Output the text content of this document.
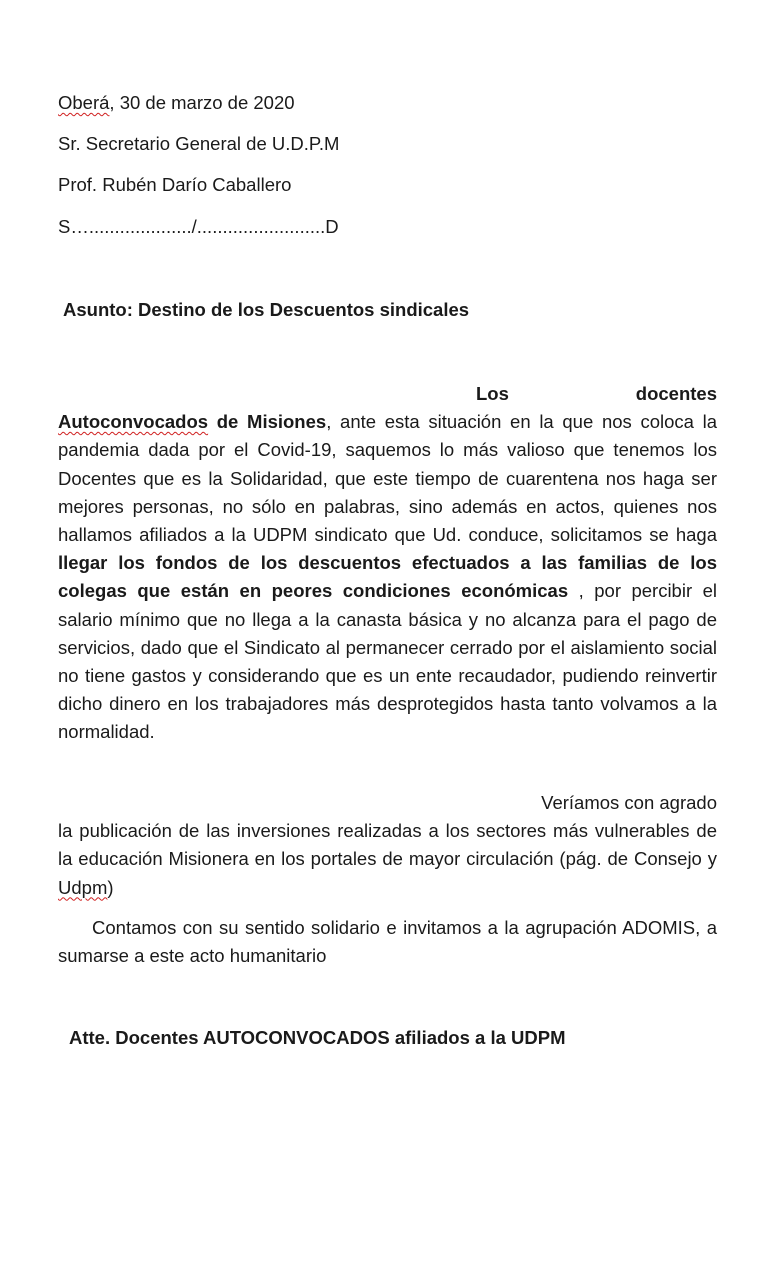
Oberá, 30 de marzo de 2020
Sr. Secretario General de U.D.P.M
Prof. Rubén Darío Caballero
S…..................../.........................D
Asunto: Destino de los Descuentos sindicales
Los	docentes
Autoconvocados de Misiones, ante esta situación en la que nos coloca la pandemia dada por el Covid-19, saquemos lo más valioso que tenemos los Docentes que es la Solidaridad, que este tiempo de cuarentena nos haga ser mejores personas, no sólo en palabras, sino además en actos, quienes nos hallamos afiliados a la UDPM sindicato que Ud. conduce, solicitamos se haga llegar los fondos de los descuentos efectuados a las familias de los colegas que están en peores condiciones económicas , por percibir el salario mínimo que no llega a la canasta básica y no alcanza para el pago de servicios, dado que el Sindicato al permanecer cerrado por el aislamiento social no tiene gastos y considerando que es un ente recaudador, pudiendo reinvertir dicho dinero en los trabajadores más desprotegidos hasta tanto volvamos a la normalidad.
Veríamos con agrado
la publicación de las inversiones realizadas a los sectores más vulnerables de la educación Misionera en los portales de mayor circulación (pág. de Consejo y Udpm)
Contamos con su sentido solidario e invitamos a la agrupación ADOMIS, a sumarse a este acto humanitario
Atte. Docentes AUTOCONVOCADOS afiliados a la UDPM
